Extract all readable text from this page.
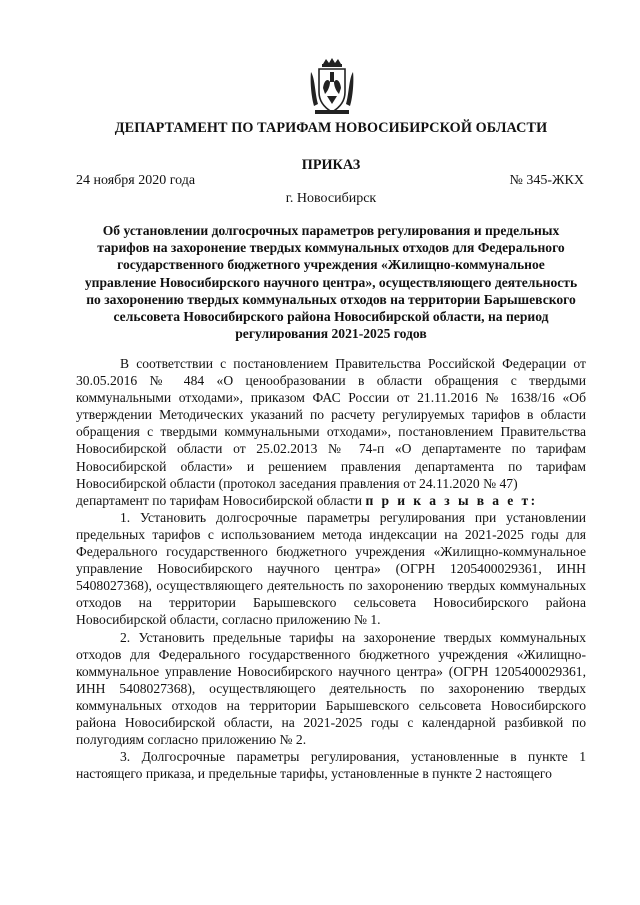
ДЕПАРТАМЕНТ ПО ТАРИФАМ НОВОСИБИРСКОЙ ОБЛАСТИ
ПРИКАЗ
24 ноября 2020 года	№ 345-ЖКХ
г. Новосибирск
Об установлении долгосрочных параметров регулирования и предельных тарифов на захоронение твердых коммунальных отходов для Федерального государственного бюджетного учреждения «Жилищно-коммунальное управление Новосибирского научного центра», осуществляющего деятельность по захоронению твердых коммунальных отходов на территории Барышевского сельсовета Новосибирского района Новосибирской области, на период регулирования 2021-2025 годов

В соответствии с постановлением Правительства Российской Федерации от 30.05.2016 № 484 «О ценообразовании в области обращения с твердыми коммунальными отходами», приказом ФАС России от 21.11.2016 № 1638/16 «Об утверждении Методических указаний по расчету регулируемых тарифов в области обращения с твердыми коммунальными отходами», постановлением Правительства Новосибирской области от 25.02.2013 № 74-п «О департаменте по тарифам Новосибирской области» и решением правления департамента по тарифам Новосибирской области (протокол заседания правления от 24.11.2020 № 47)

департамент по тарифам Новосибирской области п р и к а з ы в а е т:

1. Установить долгосрочные параметры регулирования при установлении предельных тарифов с использованием метода индексации на 2021-2025 годы для Федерального государственного бюджетного учреждения «Жилищно-коммунальное управление Новосибирского научного центра» (ОГРН 1205400029361, ИНН 5408027368), осуществляющего деятельность по захоронению твердых коммунальных отходов на территории Барышевского сельсовета Новосибирского района Новосибирской области, согласно приложению № 1.

2. Установить предельные тарифы на захоронение твердых коммунальных отходов для Федерального государственного бюджетного учреждения «Жилищно-коммунальное управление Новосибирского научного центра» (ОГРН 1205400029361, ИНН 5408027368), осуществляющего деятельность по захоронению твердых коммунальных отходов на территории Барышевского сельсовета Новосибирского района Новосибирской области, на 2021-2025 годы с календарной разбивкой по полугодиям согласно приложению № 2.

3. Долгосрочные параметры регулирования, установленные в пункте 1 настоящего приказа, и предельные тарифы, установленные в пункте 2 настоящего
